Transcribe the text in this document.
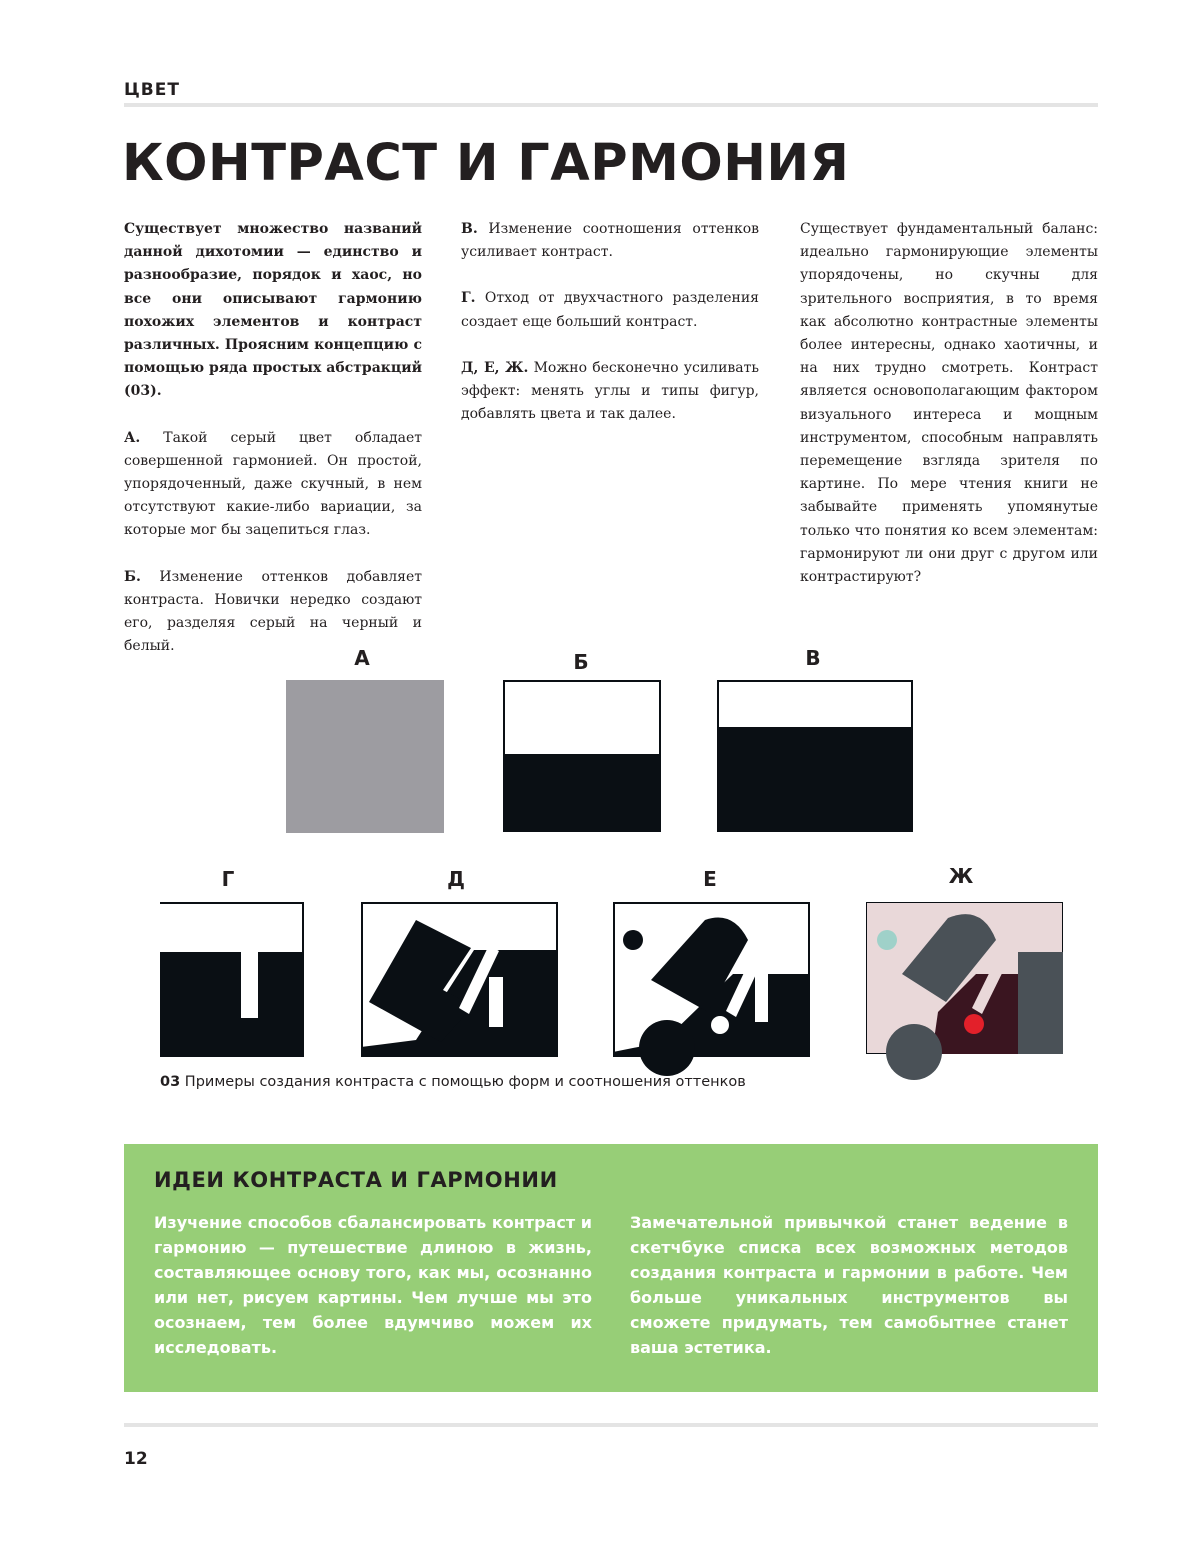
ЦВЕТ
КОНТРАСТ И ГАРМОНИЯ

Существует множество названий данной дихотомии — единство и разнообразие, порядок и хаос, но все они описывают гармонию похожих элементов и контраст различных. Проясним концепцию с помощью ряда простых абстракций (03).

А. Такой серый цвет обладает совершенной гармонией. Он простой, упорядоченный, даже скучный, в нем отсутствуют какие-либо вариации, за которые мог бы зацепиться глаз.

Б. Изменение оттенков добавляет контраста. Новички нередко создают его, разделяя серый на черный и белый.

В. Изменение соотношения оттенков усиливает контраст.

Г. Отход от двухчастного разделения создает еще больший контраст.

Д, Е, Ж. Можно бесконечно усиливать эффект: менять углы и типы фигур, добавлять цвета и так далее.

Существует фундаментальный баланс: идеально гармонирующие элементы упорядочены, но скучны для зрительного восприятия, в то время как абсолютно контрастные элементы более интересны, однако хаотичны, и на них трудно смотреть. Контраст является основополагающим фактором визуального интереса и мощным инструментом, способным направлять перемещение взгляда зрителя по картине. По мере чтения книги не забывайте применять упомянутые только что понятия ко всем элементам: гармонируют ли они друг с другом или контрастируют?

А	Б	В
Г	Д	Е	Ж
03 Примеры создания контраста с помощью форм и соотношения оттенков
ИДЕИ КОНТРАСТА И ГАРМОНИИ
Изучение способов сбалансировать контраст и гармонию — путешествие длиною в жизнь, составляющее основу того, как мы, осознанно или нет, рисуем картины. Чем лучше мы это осознаем, тем более вдумчиво можем их исследовать.
Замечательной привычкой станет ведение в скетчбуке списка всех возможных методов создания контраста и гармонии в работе. Чем больше уникальных инструментов вы сможете придумать, тем самобытнее станет ваша эстетика.
12
